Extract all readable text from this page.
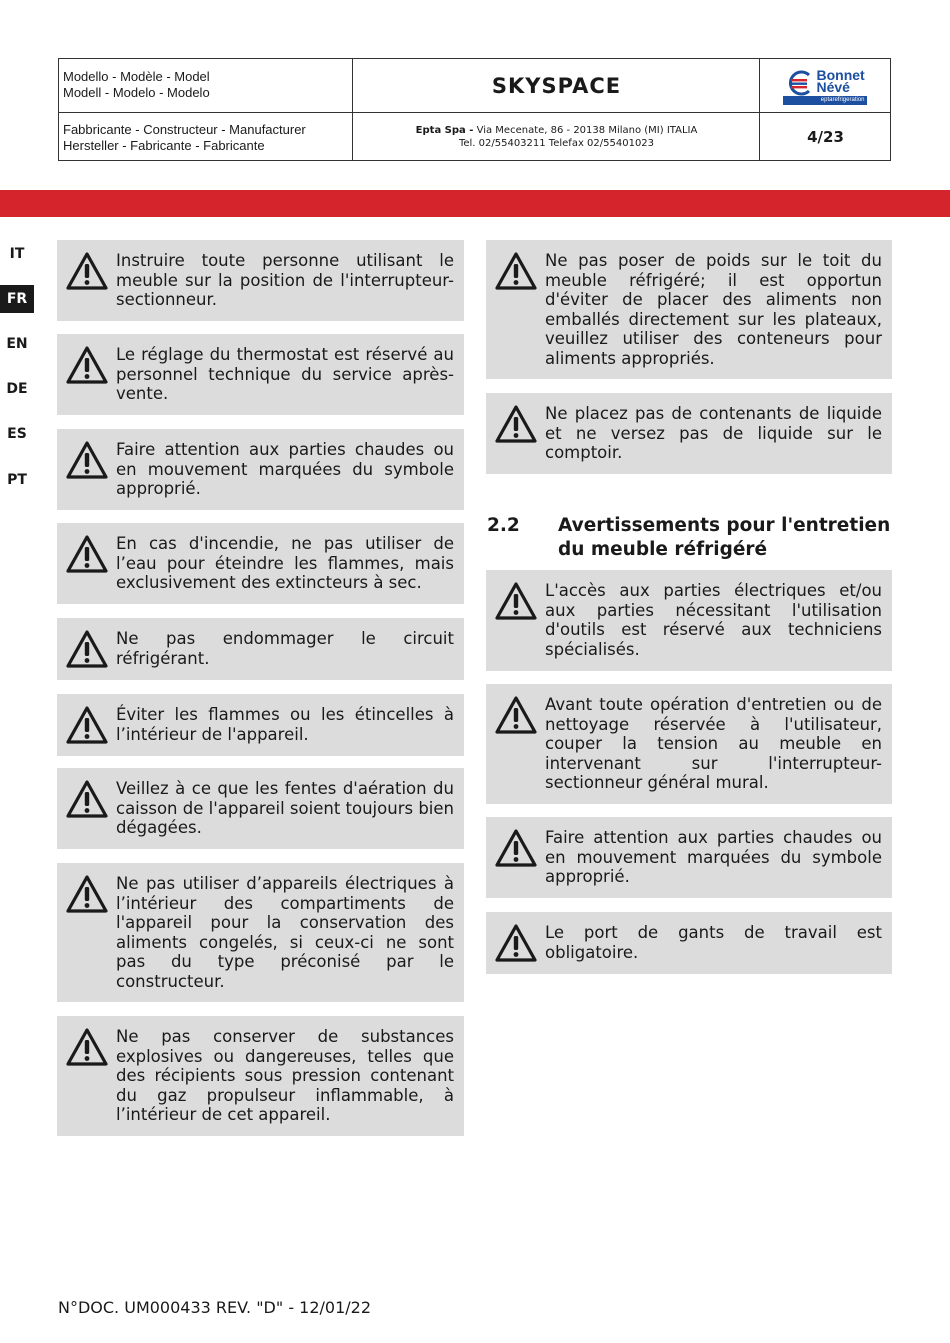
Modello - Modèle - Model
Modell - Modelo - Modelo	SKYSPACE	Bonnet
Névé
eptarefrigeration
Fabbricante - Constructeur - Manufacturer
Hersteller - Fabricante - Fabricante
Epta Spa - Via Mecenate, 86 - 20138 Milano (MI) ITALIA
Tel. 02/55403211 Telefax 02/55401023	4/23
IT
FR
EN
DE
ES
PT
Instruire toute personne utilisant le meuble sur la position de l'interrupteur-sectionneur.
Le réglage du thermostat est réservé au personnel technique du service après-vente.
Faire attention aux parties chaudes ou en mouvement marquées du symbole approprié.
En cas d'incendie, ne pas utiliser de l’eau pour éteindre les flammes, mais exclusivement des extincteurs à sec.
Ne pas endommager le circuit réfrigérant.
Éviter les flammes ou les étincelles à l’intérieur de l'appareil.
Veillez à ce que les fentes d'aération du caisson de l'appareil soient toujours bien dégagées.
Ne pas utiliser d’appareils électriques à l’intérieur des compartiments de l'appareil pour la conservation des aliments congelés, si ceux-ci ne sont pas du type préconisé par le constructeur.
Ne pas conserver de substances explosives ou dangereuses, telles que des récipients sous pression contenant du gaz propulseur inflammable, à l’intérieur de cet appareil.
Ne pas poser de poids sur le toit du meuble réfrigéré; il est opportun d'éviter de placer des aliments non emballés directement sur les plateaux, veuillez utiliser des conteneurs pour aliments appropriés.
Ne placez pas de contenants de liquide et ne versez pas de liquide sur le comptoir.
2.2 Avertissements pour l'entretien du meuble réfrigéré
L'accès aux parties électriques et/ou aux parties nécessitant l'utilisation d'outils est réservé aux techniciens spécialisés.
Avant toute opération d'entretien ou de nettoyage réservée à l'utilisateur, couper la tension au meuble en intervenant sur l'interrupteur-sectionneur général mural.
Faire attention aux parties chaudes ou en mouvement marquées du symbole approprié.
Le port de gants de travail est obligatoire.
N°DOC. UM000433 REV. "D" - 12/01/22
